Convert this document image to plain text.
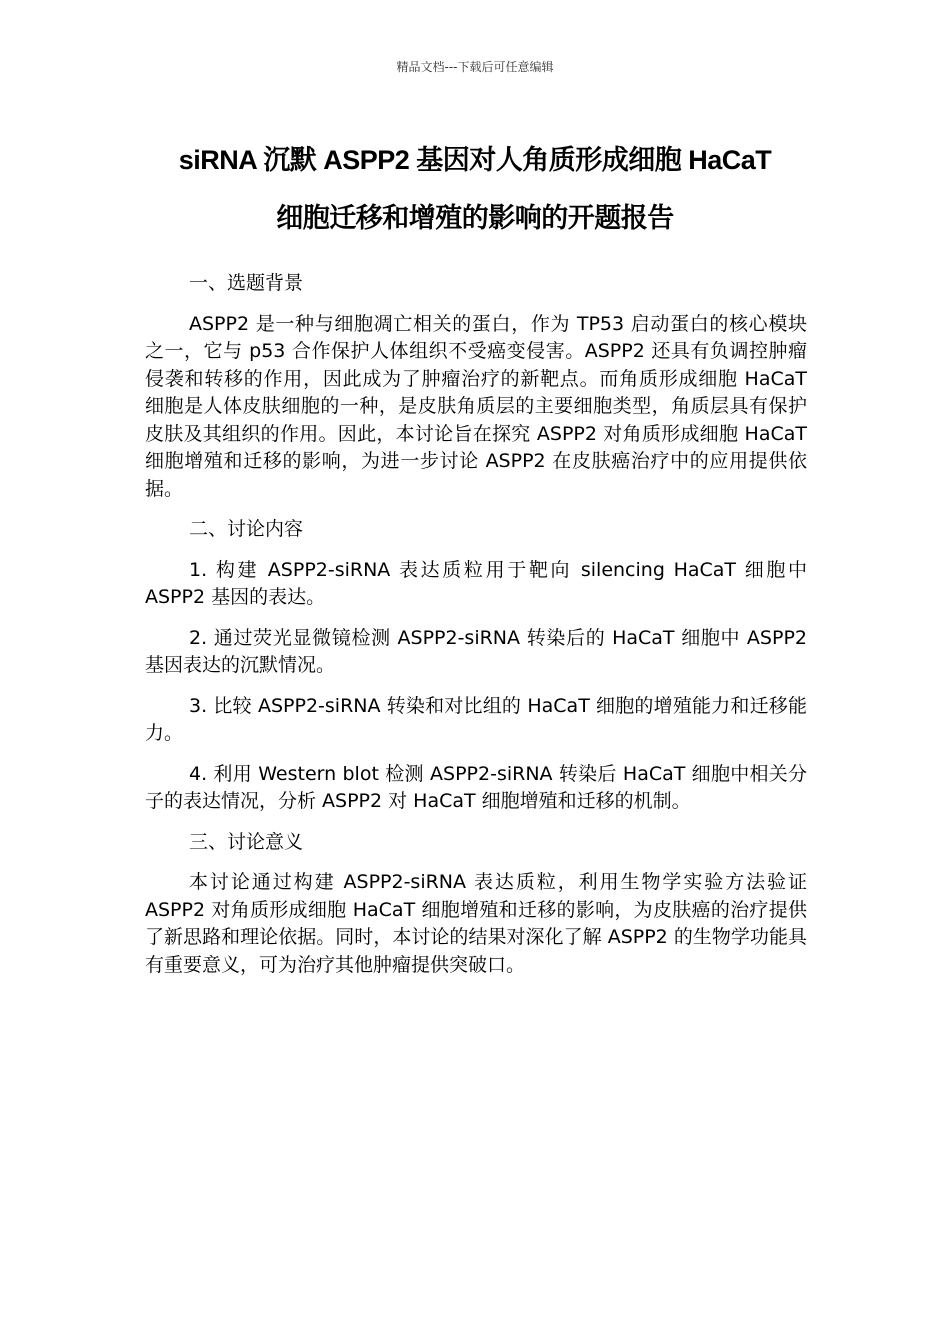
精品文档---下载后可任意编辑
siRNA 沉默 ASPP2 基因对人角质形成细胞 HaCaT
细胞迁移和增殖的影响的开题报告

一、选题背景

ASPP2 是一种与细胞凋亡相关的蛋白，作为 TP53 启动蛋白的核心模块之一，它与 p53 合作保护人体组织不受癌变侵害。ASPP2 还具有负调控肿瘤侵袭和转移的作用，因此成为了肿瘤治疗的新靶点。而角质形成细胞 HaCaT 细胞是人体皮肤细胞的一种，是皮肤角质层的主要细胞类型，角质层具有保护皮肤及其组织的作用。因此，本讨论旨在探究 ASPP2 对角质形成细胞 HaCaT 细胞增殖和迁移的影响，为进一步讨论 ASPP2 在皮肤癌治疗中的应用提供依据。

二、讨论内容

1. 构建 ASPP2-siRNA 表达质粒用于靶向 silencing HaCaT 细胞中 ASPP2 基因的表达。

2. 通过荧光显微镜检测 ASPP2-siRNA 转染后的 HaCaT 细胞中 ASPP2 基因表达的沉默情况。

3. 比较 ASPP2-siRNA 转染和对比组的 HaCaT 细胞的增殖能力和迁移能力。

4. 利用 Western blot 检测 ASPP2-siRNA 转染后 HaCaT 细胞中相关分子的表达情况，分析 ASPP2 对 HaCaT 细胞增殖和迁移的机制。

三、讨论意义

本讨论通过构建 ASPP2-siRNA 表达质粒，利用生物学实验方法验证 ASPP2 对角质形成细胞 HaCaT 细胞增殖和迁移的影响，为皮肤癌的治疗提供了新思路和理论依据。同时，本讨论的结果对深化了解 ASPP2 的生物学功能具有重要意义，可为治疗其他肿瘤提供突破口。
